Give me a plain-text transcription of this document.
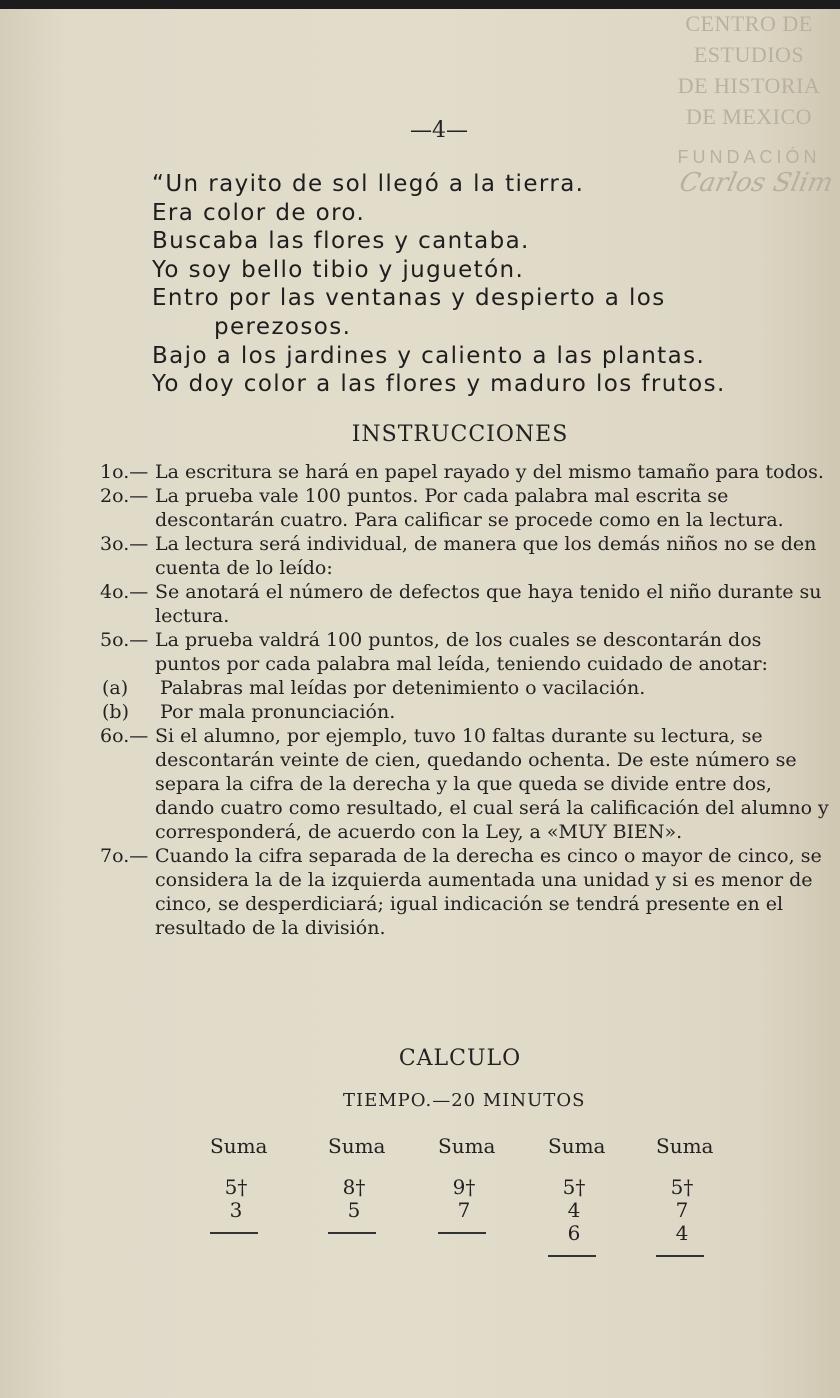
CENTRO DE
ESTUDIOS
DE HISTORIA
DE MEXICO
FUNDACIÓN
Carlos Slim
—4—
“Un rayito de sol llegó a la tierra.
Era color de oro.
Buscaba las flores y cantaba.
Yo soy bello tibio y juguetón.
Entro por las ventanas y despierto a los
perezosos.
Bajo a los jardines y caliento a las plantas.
Yo doy color a las flores y maduro los frutos.
INSTRUCCIONES
1o.— La escritura se hará en papel rayado y del mismo tamaño para todos.
2o.— La prueba vale 100 puntos. Por cada palabra mal escrita se descontarán cuatro. Para calificar se procede como en la lectura.
3o.— La lectura será individual, de manera que los demás niños no se den cuenta de lo leído:
4o.— Se anotará el número de defectos que haya tenido el niño durante su lectura.
5o.— La prueba valdrá 100 puntos, de los cuales se descontarán dos puntos por cada palabra mal leída, teniendo cuidado de anotar:
(a) Palabras mal leídas por detenimiento o vacilación.
(b) Por mala pronunciación.
6o.— Si el alumno, por ejemplo, tuvo 10 faltas durante su lectura, se descontarán veinte de cien, quedando ochenta. De este número se separa la cifra de la derecha y la que queda se divide entre dos, dando cuatro como resultado, el cual será la calificación del alumno y corresponderá, de acuerdo con la Ley, a «MUY BIEN».
7o.— Cuando la cifra separada de la derecha es cinco o mayor de cinco, se considera la de la izquierda aumentada una unidad y si es menor de cinco, se desperdiciará; igual indicación se tendrá presente en el resultado de la división.
CALCULO
TIEMPO.—20 MINUTOS
Suma
5†
3
Suma
8†
5
Suma
9†
7
Suma
5†
4
6
Suma
5†
7
4
